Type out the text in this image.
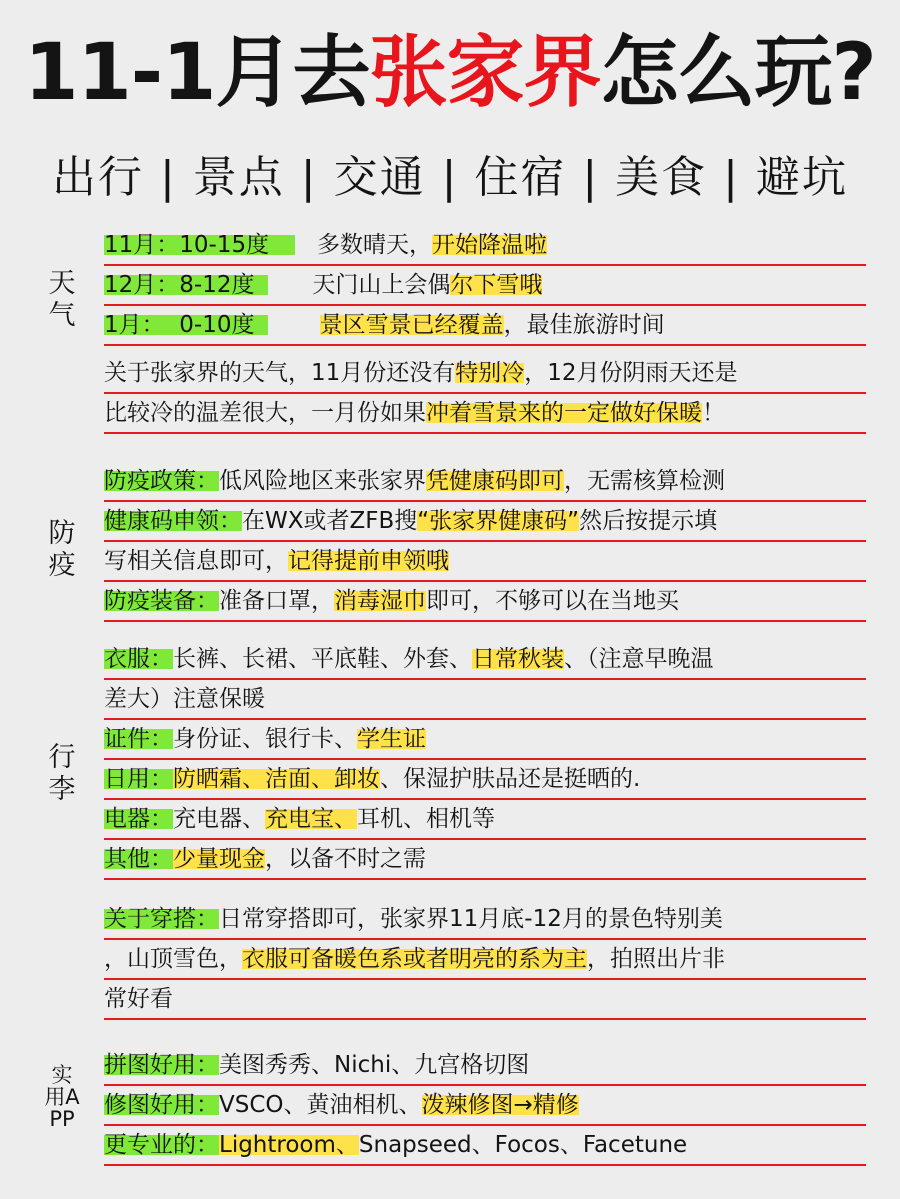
11-1月去张家界怎么玩?
出行 | 景点 | 交通 | 住宿 | 美食 | 避坑
天气
11月：10-15度 多数晴天，开始降温啦
12月：8-12度	天门山上会偶尔下雪哦
1月：  0-10度	景区雪景已经覆盖，最佳旅游时间
关于张家界的天气，11月份还没有特别冷，12月份阴雨天还是
比较冷的温差很大，一月份如果冲着雪景来的一定做好保暖！
防疫
防疫政策：低风险地区来张家界凭健康码即可，无需核算检测
健康码申领：在WX或者ZFB搜“张家界健康码”然后按提示填
写相关信息即可，记得提前申领哦
防疫装备：准备口罩，消毒湿巾即可，不够可以在当地买
行李
衣服：长裤、长裙、平底鞋、外套、日常秋装、（注意早晚温
差大）注意保暖
证件：身份证、银行卡、学生证
日用：防晒霜、洁面、卸妆、保湿护肤品还是挺晒的.
电器：充电器、充电宝、耳机、相机等
其他：少量现金，以备不时之需
关于穿搭：日常穿搭即可，张家界11月底-12月的景色特别美
，山顶雪色，衣服可备暖色系或者明亮的系为主，拍照出片非
常好看
实用APP
拼图好用：美图秀秀、Nichi、九宫格切图
修图好用：VSCO、黄油相机、泼辣修图→精修
更专业的：Lightroom、Snapseed、Focos、Facetune
